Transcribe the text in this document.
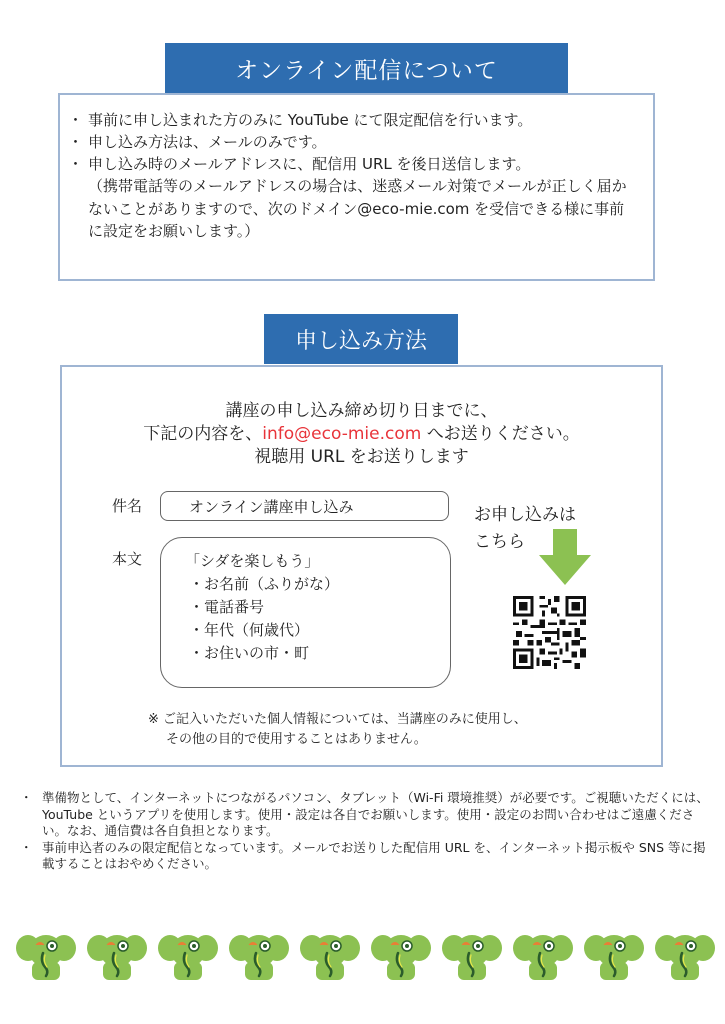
オンライン配信について
・ 事前に申し込まれた方のみに YouTube にて限定配信を行います。
・ 申し込み方法は、メールのみです。
・ 申し込み時のメールアドレスに、配信用 URL を後日送信します。
（携帯電話等のメールアドレスの場合は、迷惑メール対策でメールが正しく届かないことがありますので、次のドメイン@eco-mie.com を受信できる様に事前に設定をお願いします。）
申し込み方法
講座の申し込み締め切り日までに、
下記の内容を、info@eco-mie.com へお送りください。
視聴用 URL をお送りします
件名	オンライン講座申し込み
本文	「シダを楽しもう」
・お名前（ふりがな）
・電話番号
・年代（何歳代）
・お住いの市・町
お申し込みは
こちら
※ ご記入いただいた個人情報については、当講座のみに使用し、
その他の目的で使用することはありません。
・ 準備物として、インターネットにつながるパソコン、タブレット（Wi-Fi 環境推奨）が必要です。ご視聴いただくには、YouTube というアプリを使用します。使用・設定は各自でお願いします。使用・設定のお問い合わせはご遠慮ください。なお、通信費は各自負担となります。
・ 事前申込者のみの限定配信となっています。メールでお送りした配信用 URL を、インターネット掲示板や SNS 等に掲載することはおやめください。
